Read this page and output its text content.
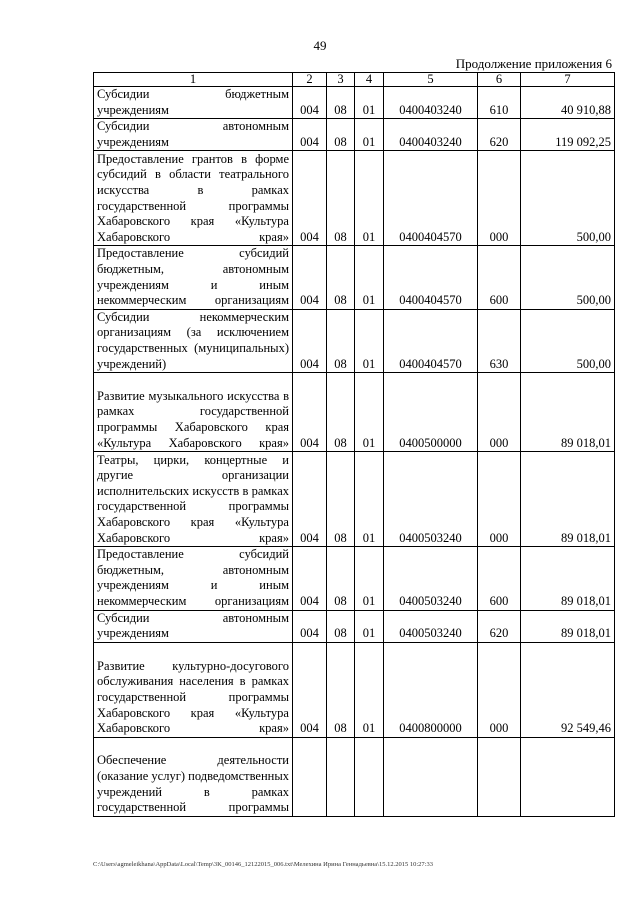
49
Продолжение приложения 6
1	2	3	4	5	6	7
Субсидии бюджетным учреждениям	004	08	01	0400403240	610	40 910,88
Субсидии автономным учреждениям	004	08	01	0400403240	620	119 092,25
Предоставление грантов в форме субсидий в области театрального искусства в рамках государственной программы Хабаровского края «Культура Хабаровского края»	004	08	01	0400404570	000	500,00
Предоставление субсидий бюджетным, автономным учреждениям и иным некоммерческим организациям	004	08	01	0400404570	600	500,00
Субсидии некоммерческим организациям (за исключением государственных (муниципальных) учреждений)	004	08	01	0400404570	630	500,00
Развитие музыкального искусства в рамках государственной программы Хабаровского края «Культура Хабаровского края»	004	08	01	0400500000	000	89 018,01
Театры, цирки, концертные и другие организации исполнительских искусств в рамках государственной программы Хабаровского края «Культура Хабаровского края»	004	08	01	0400503240	000	89 018,01
Предоставление субсидий бюджетным, автономным учреждениям и иным некоммерческим организациям	004	08	01	0400503240	600	89 018,01
Субсидии автономным учреждениям	004	08	01	0400503240	620	89 018,01
Развитие культурно-досугового обслуживания населения в рамках государственной программы Хабаровского края «Культура Хабаровского края»	004	08	01	0400800000	000	92 549,46
Обеспечение деятельности (оказание услуг) подведомственных учреждений в рамках государственной программы						
C:\Users\agmeleikhana\AppData\Local\Temp\3K_00146_12122015_006.txt\Мелехина Ирина Геннадьевна\15.12.2015 10:27:33
